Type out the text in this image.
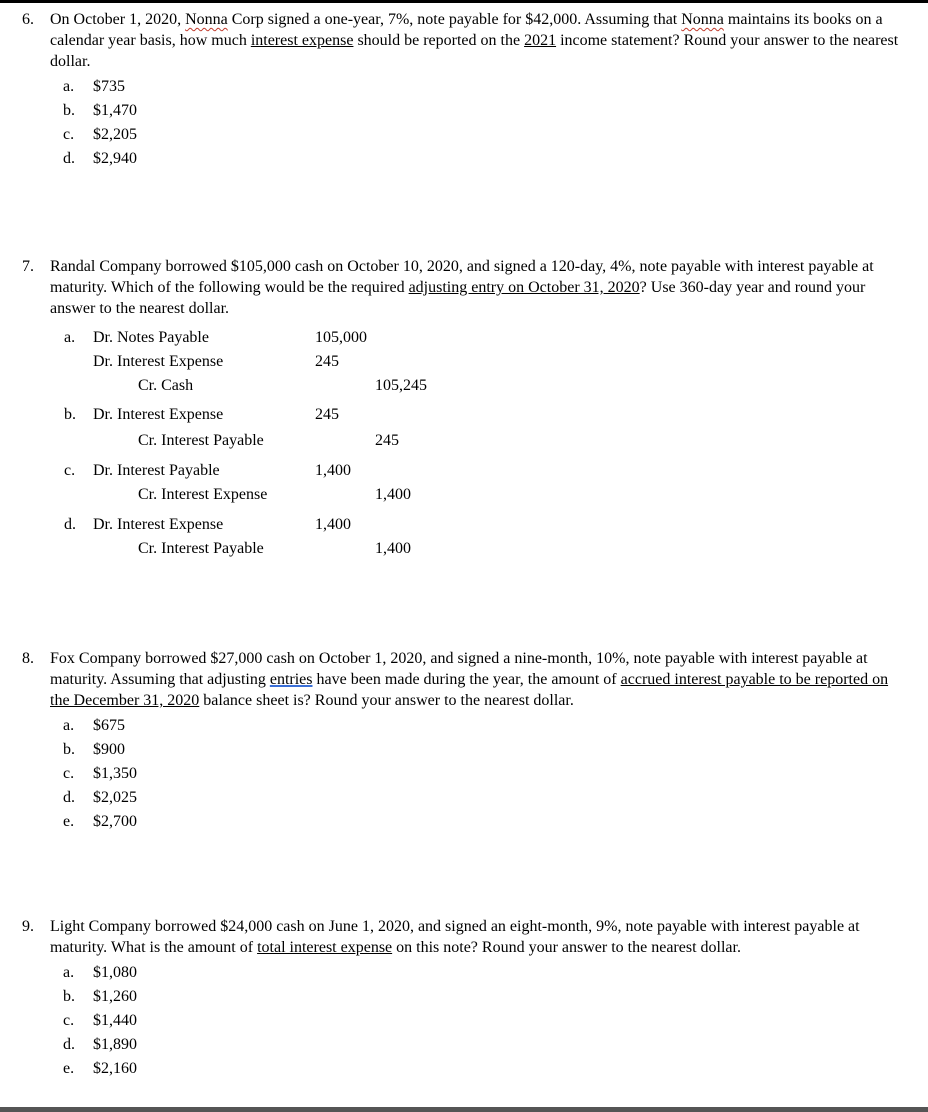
6. On October 1, 2020, Nonna Corp signed a one-year, 7%, note payable for $42,000. Assuming that Nonna maintains its books on a calendar year basis, how much interest expense should be reported on the 2021 income statement? Round your answer to the nearest dollar.
a.	$735
b.	$1,470
c.	$2,205
d.	$2,940
7. Randal Company borrowed $105,000 cash on October 10, 2020, and signed a 120-day, 4%, note payable with interest payable at maturity. Which of the following would be the required adjusting entry on October 31, 2020? Use 360-day year and round your answer to the nearest dollar.
a. Dr. Notes Payable	105,000
Dr. Interest Expense	245
Cr. Cash	105,245
b. Dr. Interest Expense	245
Cr. Interest Payable	245
c. Dr. Interest Payable	1,400
Cr. Interest Expense	1,400
d. Dr. Interest Expense	1,400
Cr. Interest Payable	1,400
8. Fox Company borrowed $27,000 cash on October 1, 2020, and signed a nine-month, 10%, note payable with interest payable at maturity. Assuming that adjusting entries have been made during the year, the amount of accrued interest payable to be reported on the December 31, 2020 balance sheet is? Round your answer to the nearest dollar.
a.	$675
b.	$900
c.	$1,350
d.	$2,025
e.	$2,700
9. Light Company borrowed $24,000 cash on June 1, 2020, and signed an eight-month, 9%, note payable with interest payable at maturity. What is the amount of total interest expense on this note? Round your answer to the nearest dollar.
a.	$1,080
b.	$1,260
c.	$1,440
d.	$1,890
e.	$2,160
